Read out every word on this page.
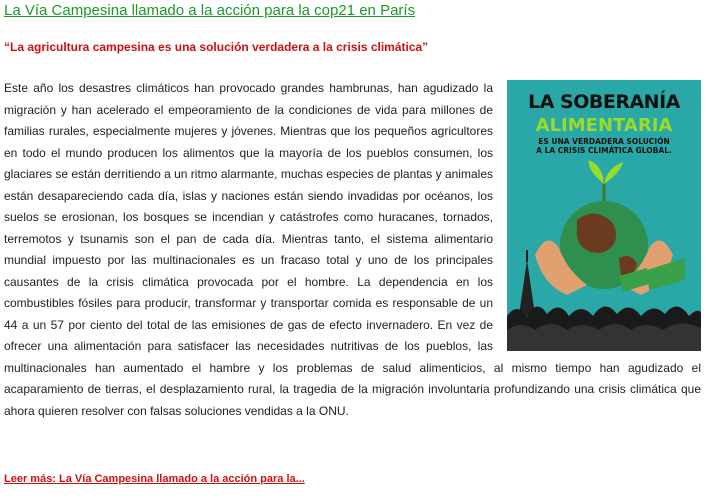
La Vía Campesina llamado a la acción para la cop21 en París
“La agricultura campesina es una solución verdadera a la crisis climática”
LA SOBERANÍA
ALIMENTARIA
ES UNA VERDADERA SOLUCIÓN
A LA CRISIS CLIMÁTICA GLOBAL.
Este año los desastres climáticos han provocado grandes hambrunas, han agudizado la migración y han acelerado el empeoramiento de la condiciones de vida para millones de familias rurales, especialmente mujeres y jóvenes. Mientras que los pequeños agricultores en todo el mundo producen los alimentos que la mayoría de los pueblos consumen, los glaciares se están derritiendo a un ritmo alarmante, muchas especies de plantas y animales están desapareciendo cada día, islas y naciones están siendo invadidas por océanos, los suelos se erosionan, los bosques se incendian y catástrofes como huracanes, tornados, terremotos y tsunamis son el pan de cada día. Mientras tanto, el sistema alimentario mundial impuesto por las multinacionales es un fracaso total y uno de los principales causantes de la crisis climática provocada por el hombre. La dependencia en los combustibles fósiles para producir, transformar y transportar comida es responsable de un 44 a un 57 por ciento del total de las emisiones de gas de efecto invernadero. En vez de ofrecer una alimentación para satisfacer las necesidades nutritivas de los pueblos, las multinacionales han aumentado el hambre y los problemas de salud alimenticios, al mismo tiempo han agudizado el acaparamiento de tierras, el desplazamiento rural, la tragedia de la migración involuntaria profundizando una crisis climática que ahora quieren resolver con falsas soluciones vendidas a la ONU.
Leer más: La Vía Campesina llamado a la acción para la...
